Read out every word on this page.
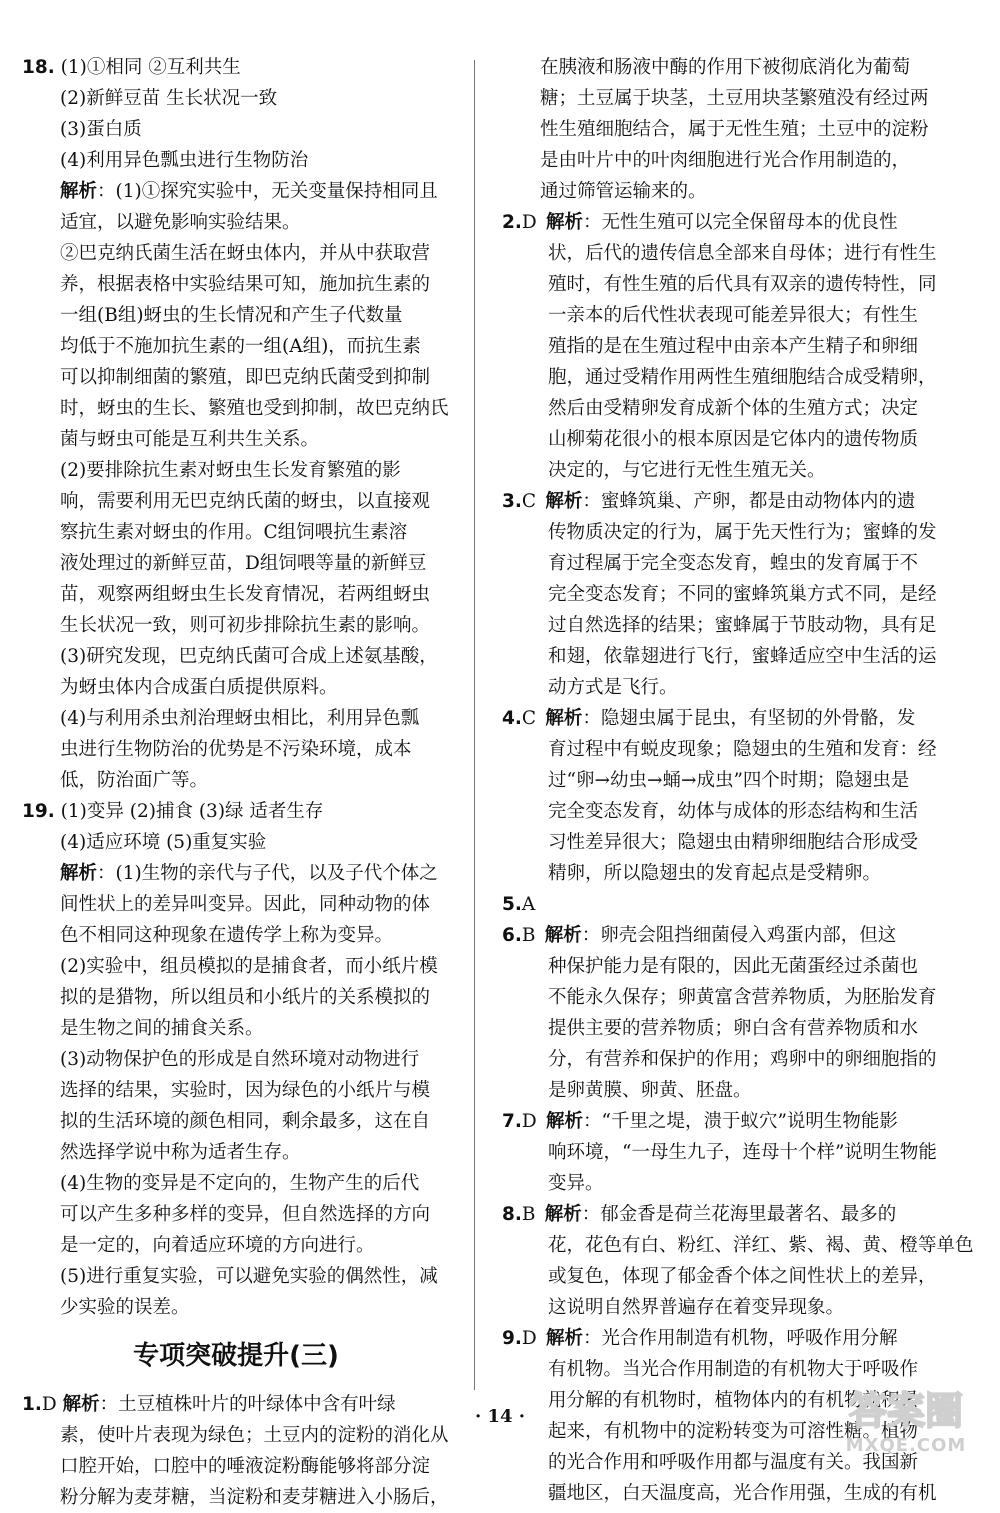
18. (1)①相同 ②互利共生
(2)新鲜豆苗 生长状况一致
(3)蛋白质
(4)利用异色瓢虫进行生物防治
解析：(1)①探究实验中，无关变量保持相同且
适宜，以避免影响实验结果。
②巴克纳氏菌生活在蚜虫体内，并从中获取营
养，根据表格中实验结果可知，施加抗生素的
一组(B组)蚜虫的生长情况和产生子代数量
均低于不施加抗生素的一组(A组)，而抗生素
可以抑制细菌的繁殖，即巴克纳氏菌受到抑制
时，蚜虫的生长、繁殖也受到抑制，故巴克纳氏
菌与蚜虫可能是互利共生关系。
(2)要排除抗生素对蚜虫生长发育繁殖的影
响，需要利用无巴克纳氏菌的蚜虫，以直接观
察抗生素对蚜虫的作用。C组饲喂抗生素溶
液处理过的新鲜豆苗，D组饲喂等量的新鲜豆
苗，观察两组蚜虫生长发育情况，若两组蚜虫
生长状况一致，则可初步排除抗生素的影响。
(3)研究发现，巴克纳氏菌可合成上述氨基酸，
为蚜虫体内合成蛋白质提供原料。
(4)与利用杀虫剂治理蚜虫相比，利用异色瓢
虫进行生物防治的优势是不污染环境，成本
低，防治面广等。
19. (1)变异 (2)捕食 (3)绿 适者生存
(4)适应环境 (5)重复实验
解析：(1)生物的亲代与子代，以及子代个体之
间性状上的差异叫变异。因此，同种动物的体
色不相同这种现象在遗传学上称为变异。
(2)实验中，组员模拟的是捕食者，而小纸片模
拟的是猎物，所以组员和小纸片的关系模拟的
是生物之间的捕食关系。
(3)动物保护色的形成是自然环境对动物进行
选择的结果，实验时，因为绿色的小纸片与模
拟的生活环境的颜色相同，剩余最多，这在自
然选择学说中称为适者生存。
(4)生物的变异是不定向的，生物产生的后代
可以产生多种多样的变异，但自然选择的方向
是一定的，向着适应环境的方向进行。
(5)进行重复实验，可以避免实验的偶然性，减
少实验的误差。
专项突破提升(三)
1.D 解析：土豆植株叶片的叶绿体中含有叶绿
素，使叶片表现为绿色；土豆内的淀粉的消化从
口腔开始，口腔中的唾液淀粉酶能够将部分淀
粉分解为麦芽糖，当淀粉和麦芽糖进入小肠后，
在胰液和肠液中酶的作用下被彻底消化为葡萄
糖；土豆属于块茎，土豆用块茎繁殖没有经过两
性生殖细胞结合，属于无性生殖；土豆中的淀粉
是由叶片中的叶肉细胞进行光合作用制造的，
通过筛管运输来的。
2.D  解析：无性生殖可以完全保留母本的优良性
状，后代的遗传信息全部来自母体；进行有性生
殖时，有性生殖的后代具有双亲的遗传特性，同
一亲本的后代性状表现可能差异很大；有性生
殖指的是在生殖过程中由亲本产生精子和卵细
胞，通过受精作用两性生殖细胞结合成受精卵，
然后由受精卵发育成新个体的生殖方式；决定
山柳菊花很小的根本原因是它体内的遗传物质
决定的，与它进行无性生殖无关。
3.C  解析：蜜蜂筑巢、产卵，都是由动物体内的遗
传物质决定的行为，属于先天性行为；蜜蜂的发
育过程属于完全变态发育，蝗虫的发育属于不
完全变态发育；不同的蜜蜂筑巢方式不同，是经
过自然选择的结果；蜜蜂属于节肢动物，具有足
和翅，依靠翅进行飞行，蜜蜂适应空中生活的运
动方式是飞行。
4.C  解析：隐翅虫属于昆虫，有坚韧的外骨骼，发
育过程中有蜕皮现象；隐翅虫的生殖和发育：经
过“卵→幼虫→蛹→成虫”四个时期；隐翅虫是
完全变态发育，幼体与成体的形态结构和生活
习性差异很大；隐翅虫由精卵细胞结合形成受
精卵，所以隐翅虫的发育起点是受精卵。
5.A
6.B  解析：卵壳会阻挡细菌侵入鸡蛋内部，但这
种保护能力是有限的，因此无菌蛋经过杀菌也
不能永久保存；卵黄富含营养物质，为胚胎发育
提供主要的营养物质；卵白含有营养物质和水
分，有营养和保护的作用；鸡卵中的卵细胞指的
是卵黄膜、卵黄、胚盘。
7.D  解析：“千里之堤，溃于蚁穴”说明生物能影
响环境，“一母生九子，连母十个样”说明生物能
变异。
8.B  解析：郁金香是荷兰花海里最著名、最多的
花，花色有白、粉红、洋红、紫、褐、黄、橙等单色
或复色，体现了郁金香个体之间性状上的差异，
这说明自然界普遍存在着变异现象。
9.D  解析：光合作用制造有机物，呼吸作用分解
有机物。当光合作用制造的有机物大于呼吸作
用分解的有机物时，植物体内的有机物就积累
起来，有机物中的淀粉转变为可溶性糖。植物
的光合作用和呼吸作用都与温度有关。我国新
疆地区，白天温度高，光合作用强，生成的有机
· 14 ·	答案圈
MXQE.COM
